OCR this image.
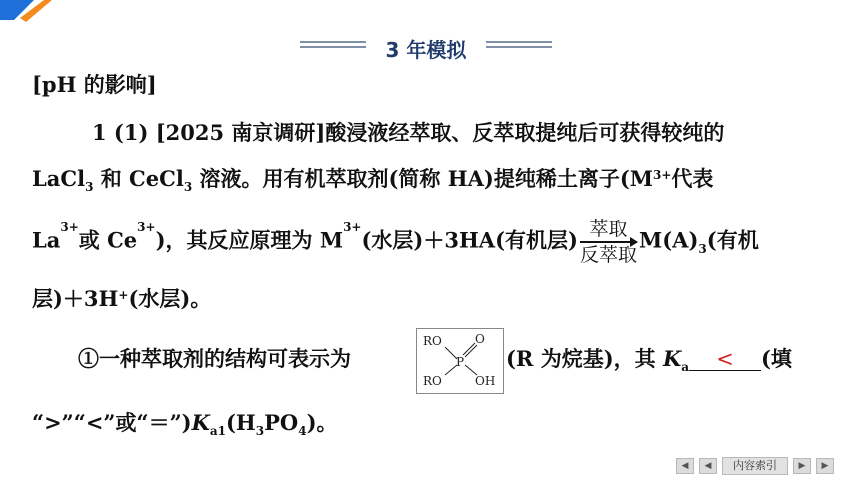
3 年模拟
[pH 的影响]
1 (1) [2025 南京调研]酸浸液经萃取、反萃取提纯后可获得较纯的
LaCl$_3$ 和 CeCl$_3$ 溶液。用有机萃取剂(简称 HA)提纯稀土离子($M^{3+}$代表
$La^{3+}$或 $Ce^{3+}$)，其反应原理为 $M^{3+}$(水层)＋3HA(有机层) $\frac{\text{萃取}}{\text{反萃取}}M(A)_3$(有机
层)＋3H+(水层)。
①一种萃取剂的结构可表示为
RO	O
P
RO	OH
(R 为烷基)，其 $K_a$ < (填
“>”“<”或“$=”)K_{a1}(H_3PO_4)$。
◀	◀	内容索引	▶	▶
